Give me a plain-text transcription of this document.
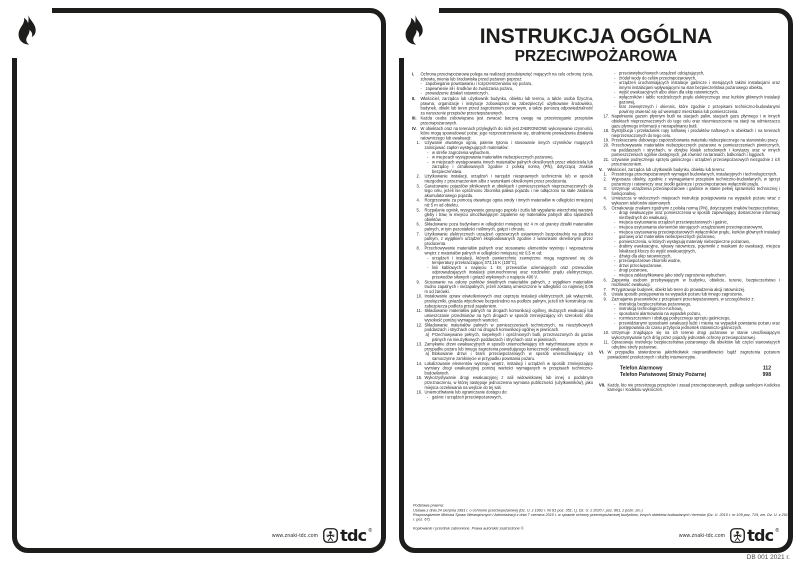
www.znaki-tdc.com tdc ®
INSTRUKCJA OGÓLNA
PRZECIWPOŻAROWA
I. Ochrona przeciwpożarowa polega na realizacji przedsięwzięć mających na celu ochronę życia, zdrowia, mienia lub środowiska przed pożarem poprzez:
- zapobieganie powstawaniu i rozprzestrzenianiu się pożaru,
- zapewnienie sił i środków do zwalczania pożaru,
- prowadzenie działań ratowniczych.
II. Właściciel, zarządca lub użytkownik budynku, obiektu lub terenu, a także osoba fizyczna, prawna, organizacje i instytucje zobowiązani są zabezpieczyć użytkowane środowisko, budynek, obiekt lub teren przed zagrożeniem pożarowym, a także ponoszą odpowiedzialność za naruszenie przepisów przeciwpożarowych.
III. Każda osoba zobowiązana jest zwracać baczną uwagę na przestrzeganie przepisów przeciwpożarowych.
IV. W obiektach oraz na terenach przyległych do nich jest ZABRONIONE wykonywanie czynności, które mogą spowodować pożar, jego rozprzestrzenianie się, utrudnienie prowadzenia działania ratowniczego lub ewakuacji:
1. Używanie otwartego ognia, palenie tytoniu i stosowanie innych czynników mogących zainicjować zapłon występujących materiałów:
- w strefie zagrożenia wybuchem,
- w miejscach występowania materiałów niebezpiecznych pożarowo,
- w miejscach występowania innych materiałów palnych określonych przez właściciela lub zarządcę i oznakowanych zgodnie z polską normą (PN), dotyczącą znaków bezpieczeństwa.
2. Użytkowanie instalacji, urządzeń i narzędzi niesprawnych technicznie lub w sposób niezgodny z przeznaczeniem albo z warunkami określonymi przez producenta.
3. Garażowanie pojazdów silnikowych w obiektach i pomieszczeniach nieprzeznaczonych do tego celu, jeżeli nie opróżniono zbiornika paliwa pojazdu i nie odłączono na stałe zasilania akumulatorowego pojazdu.
4. Rozgrzewanie za pomocą otwartego ognia smoły i innych materiałów w odległości mniejszej niż 5 m od obiektu.
5. Rozpalanie ognisk, wysypywanie gorącego popiołu i żużla lub wypalanie wierzchniej warstwy gleby i traw, w miejscu umożliwiającym zapalenie się materiałów palnych albo sąsiednich obiektów.
6. Składowanie poza budynkami w odległości mniejszej niż 4 m od granicy działki materiałów palnych, w tym pozostałości roślinnych, gałęzi i chrustu.
7. Użytkowanie elektrycznych urządzeń ogrzewczych ustawionych bezpośrednio na podłożu palnym, z wyjątkiem urządzeń eksploatowanych zgodnie z warunkami określonymi przez producenta.
8. Przechowywanie materiałów palnych oraz stosowanie elementów wystroju i wyposażenia wnętrz z materiałów palnych w odległości mniejszej niż 0,5 m od:
- urządzeń i instalacji, których powierzchnie zewnętrzne mogą nagrzewać się do temperatury przekraczającej 373,15 K (100°C),
- linii kablowych o napięciu 1 kV, przewodów uziemiających oraz przewodów odprowadzających instalacji piorunochronnej oraz rozdzielnic prądu elektrycznego, przewodów siłowych i gniazd wtykowych o napięciu 400 V.
9. Stosowanie na osłony punktów świetlnych materiałów palnych, z wyjątkiem materiałów trudno zapalnych i niezapalnych, jeżeli zostaną umieszczone w odległości co najmniej 0,05 m od żarówki.
10. Instalowanie opraw oświetleniowych oraz osprzętu instalacji elektrycznych, jak wyłączniki, przełączniki, gniazda wtyczkowe bezpośrednio na podłożu palnym, jeżeli ich konstrukcja nie zabezpiecza podłoża przed zapaleniem.
11. Składowanie materiałów palnych na drogach komunikacji ogólnej, służących ewakuacji lub umieszczanie przedmiotów na tych drogach w sposób zmniejszający ich szerokość albo wysokość poniżej wymaganych wartości.
12. Składowanie materiałów palnych w pomieszczeniach technicznych, na nieużytkowych poddaszach i strychach oraz na drogach komunikacji ogólnej w piwnicach.
a) Przechowywanie pełnych, niepełnych i opróżnionych butli, przeznaczonych do gazów palnych na nieużytkowych poddaszach i strychach oraz w piwnicach.
13. Zamykanie drzwi ewakuacyjnych w sposób uniemożliwiający ich natychmiastowe użycie w przypadku pożaru lub innego zagrożenia powodującego konieczność ewakuacji.
a) Blokowanie drzwi i bram przeciwpożarowych w sposób uniemożliwiający ich samoczynne zamknięcie w przypadku powstania pożaru.
14. Lokalizowanie elementów wystroju wnętrz, instalacji i urządzeń w sposób zmniejszający wymiary drogi ewakuacyjnej poniżej wartości wymaganych w przepisach techniczno-budowlanych.
15. Wykorzystywanie drogi ewakuacyjnej z sali widowiskowej lub innej o podobnym przeznaczeniu, w której następuje jednoczesna wymiana publiczności (użytkowników), jako miejsca oczekiwania na wejście do tej sali.
16. Uniemożliwianie lub ograniczanie dostępu do:
- gaśnic i urządzeń przeciwpożarowych,
- przeciwwybuchowych urządzeń odciążających,
- źródeł wody do celów przeciwpożarowych,
- urządzeń uruchamiających instalacje gaśnicze i sterujących takimi instalacjami oraz innymi instalacjami wpływającymi na stan bezpieczeństwa pożarowego obiektu,
- wyjść ewakuacyjnych albo okien dla ekip ratowniczych,
- wyłączników i tablic rozdzielczych prądu elektrycznego oraz kurków głównych instalacji gazowej,
- krat zewnętrznych i okiennic, które zgodnie z przepisami techniczno-budowlanymi powinny otwierać się od wewnątrz mieszkania lub pomieszczenia.
17. Napełnianie gazem płynnym butli na stacjach paliw, stacjach gazu płynnego i w innych obiektach nieprzeznaczonych do tego celu oraz nieumieszczenie na stacji na odmierzaczu gazu płynnego informacji o nienapełnianiu butli.
18. Dystrybucja i przeładunek ropy naftowej i produktów naftowych w obiektach i na terenach nieprzeznaczonych do tego celu.
19. Przekraczanie dobowego zapotrzebowania materiału niebezpiecznego na stanowisku pracy.
20. Przechowywanie materiałów niebezpiecznych pożarowo w pomieszczeniach piwnicznych, na poddaszach i strychach, w obrębie klatek schodowych i korytarzy oraz w innych pomieszczeniach ogólnie dostępnych, jak również na tarasach, balkonach i loggiach.
21. Używanie podręcznego sprzętu gaśniczego i urządzeń przeciwpożarowych niezgodnie z ich przeznaczeniem.
V. Właściciel, zarządca lub użytkownik budynku, obiektu lub terenu:
1. Przestrzega przeciwpożarowych wymagań budowlanych, instalacyjnych i technologicznych.
2. Wyposaża obiekty, zgodnie z wymaganiami przepisów techniczno-budowlanych, w sprzęt pożarniczy i ratowniczy oraz środki gaśnicze i przeciwpożarowe wyłączniki prądu.
3. Utrzymuje urządzenia przeciwpożarowe i gaśnice w stanie pełnej sprawności technicznej i funkcjonalnej.
4. Umieszcza w widocznych miejscach instrukcje postępowania na wypadek pożaru wraz z wykazem telefonów alarmowych.
5. Oznakowuje znakami zgodnymi z polską normą (PN), dotyczącymi znaków bezpieczeństwa:
- drogi ewakuacyjne oraz pomieszczenia w sposób zapewniający dostarczenie informacji niezbędnych do ewakuacji,
- miejsca usytuowania urządzeń przeciwpożarowych i gaśnic,
- miejsca usytuowania elementów sterujących urządzeniami przeciwpożarowymi,
- miejsca usytuowania przeciwpożarowych wyłączników prądu, kurków głównych instalacji gazowej oraz materiałów niebezpiecznych pożarowo,
- pomieszczenia, w których występują materiały niebezpieczne pożarowo,
- drabiny ewakuacyjne, rękawy ratownicze, pojemniki z maskami do ewakuacji, miejsca lokalizacji kluczy do wyjść ewakuacyjnych,
- dźwigi dla ekip ratowniczych,
- przeciwpożarowe zbiorniki wodne,
- drzwi przeciwpożarowe,
- drogi pożarowe,
- miejsca zaklasyfikowane jako strefy zagrożenia wybuchem.
6. Zapewnia osobom przebywającym w budynku, obiekcie, terenie, bezpieczeństwo i możliwość ewakuacji.
7. Przygotowuje budynek, obiekt lub teren do prowadzenia akcji ratowniczej.
8. Ustala sposób postępowania na wypadek pożaru lub innego zagrożenia.
9. Zaznajamia pracowników z przepisami przeciwpożarowymi, w szczególności z:
- instrukcją bezpieczeństwa pożarowego,
- instrukcją technologiczno-ruchową,
- sposobami alarmowania na wypadek pożaru,
- rozmieszczeniem i obsługą podręcznego sprzętu gaśniczego,
- przewidzianymi sposobami ewakuacji ludzi i mienia na wypadek powstania pożaru oraz postępowania do czasu przybycia jednostek ratowniczo-gaśniczych.
10. Utrzymuje znajdujące się na ich terenie drogi pożarowe w stanie umożliwiającym wykorzystywanie tych dróg przez pojazdy jednostek ochrony przeciwpożarowej.
11. Opracowuje instrukcje bezpieczeństwa pożarowego dla obiektów lub części stanowiących odrębne strefy pożarowe.
VI. W przypadku stwierdzenia jakichkolwiek nieprawidłowości bądź zagrożenia pożarem powiadomić przełożonych i służby interwencyjne.
Telefon Alarmowy	112
Telefon Państwowej Straży Pożarnej	998
VII. Każdy, kto nie przestrzega przepisów i zasad przeciwpożarowych, podlega sankcjom Kodeksu karnego i Kodeksu wykroczeń.
Podstawa prawna:
Ustawa z dnia 24 sierpnia 1991 r. o ochronie przeciwpożarowej (Dz. U. z 1991 r. Nr 81 poz. 351, t.j. Dz. U. z 2020 r. poz. 961, z późn. zm.)
Rozporządzenie Ministra Spraw Wewnętrznych i Administracji z dnia 7 czerwca 2010 r. w sprawie ochrony przeciwpożarowej budynków, innych obiektów budowlanych i terenów (Dz. U. 2010 r. nr 109 poz. 719, zm. Dz. U. z 2019 r. poz. 67).
Kopiowanie i przedruk zabronione. Prawa autorskie zastrzeżone ©.
www.znaki-tdc.com tdc ®
DB 001 2021 r.
